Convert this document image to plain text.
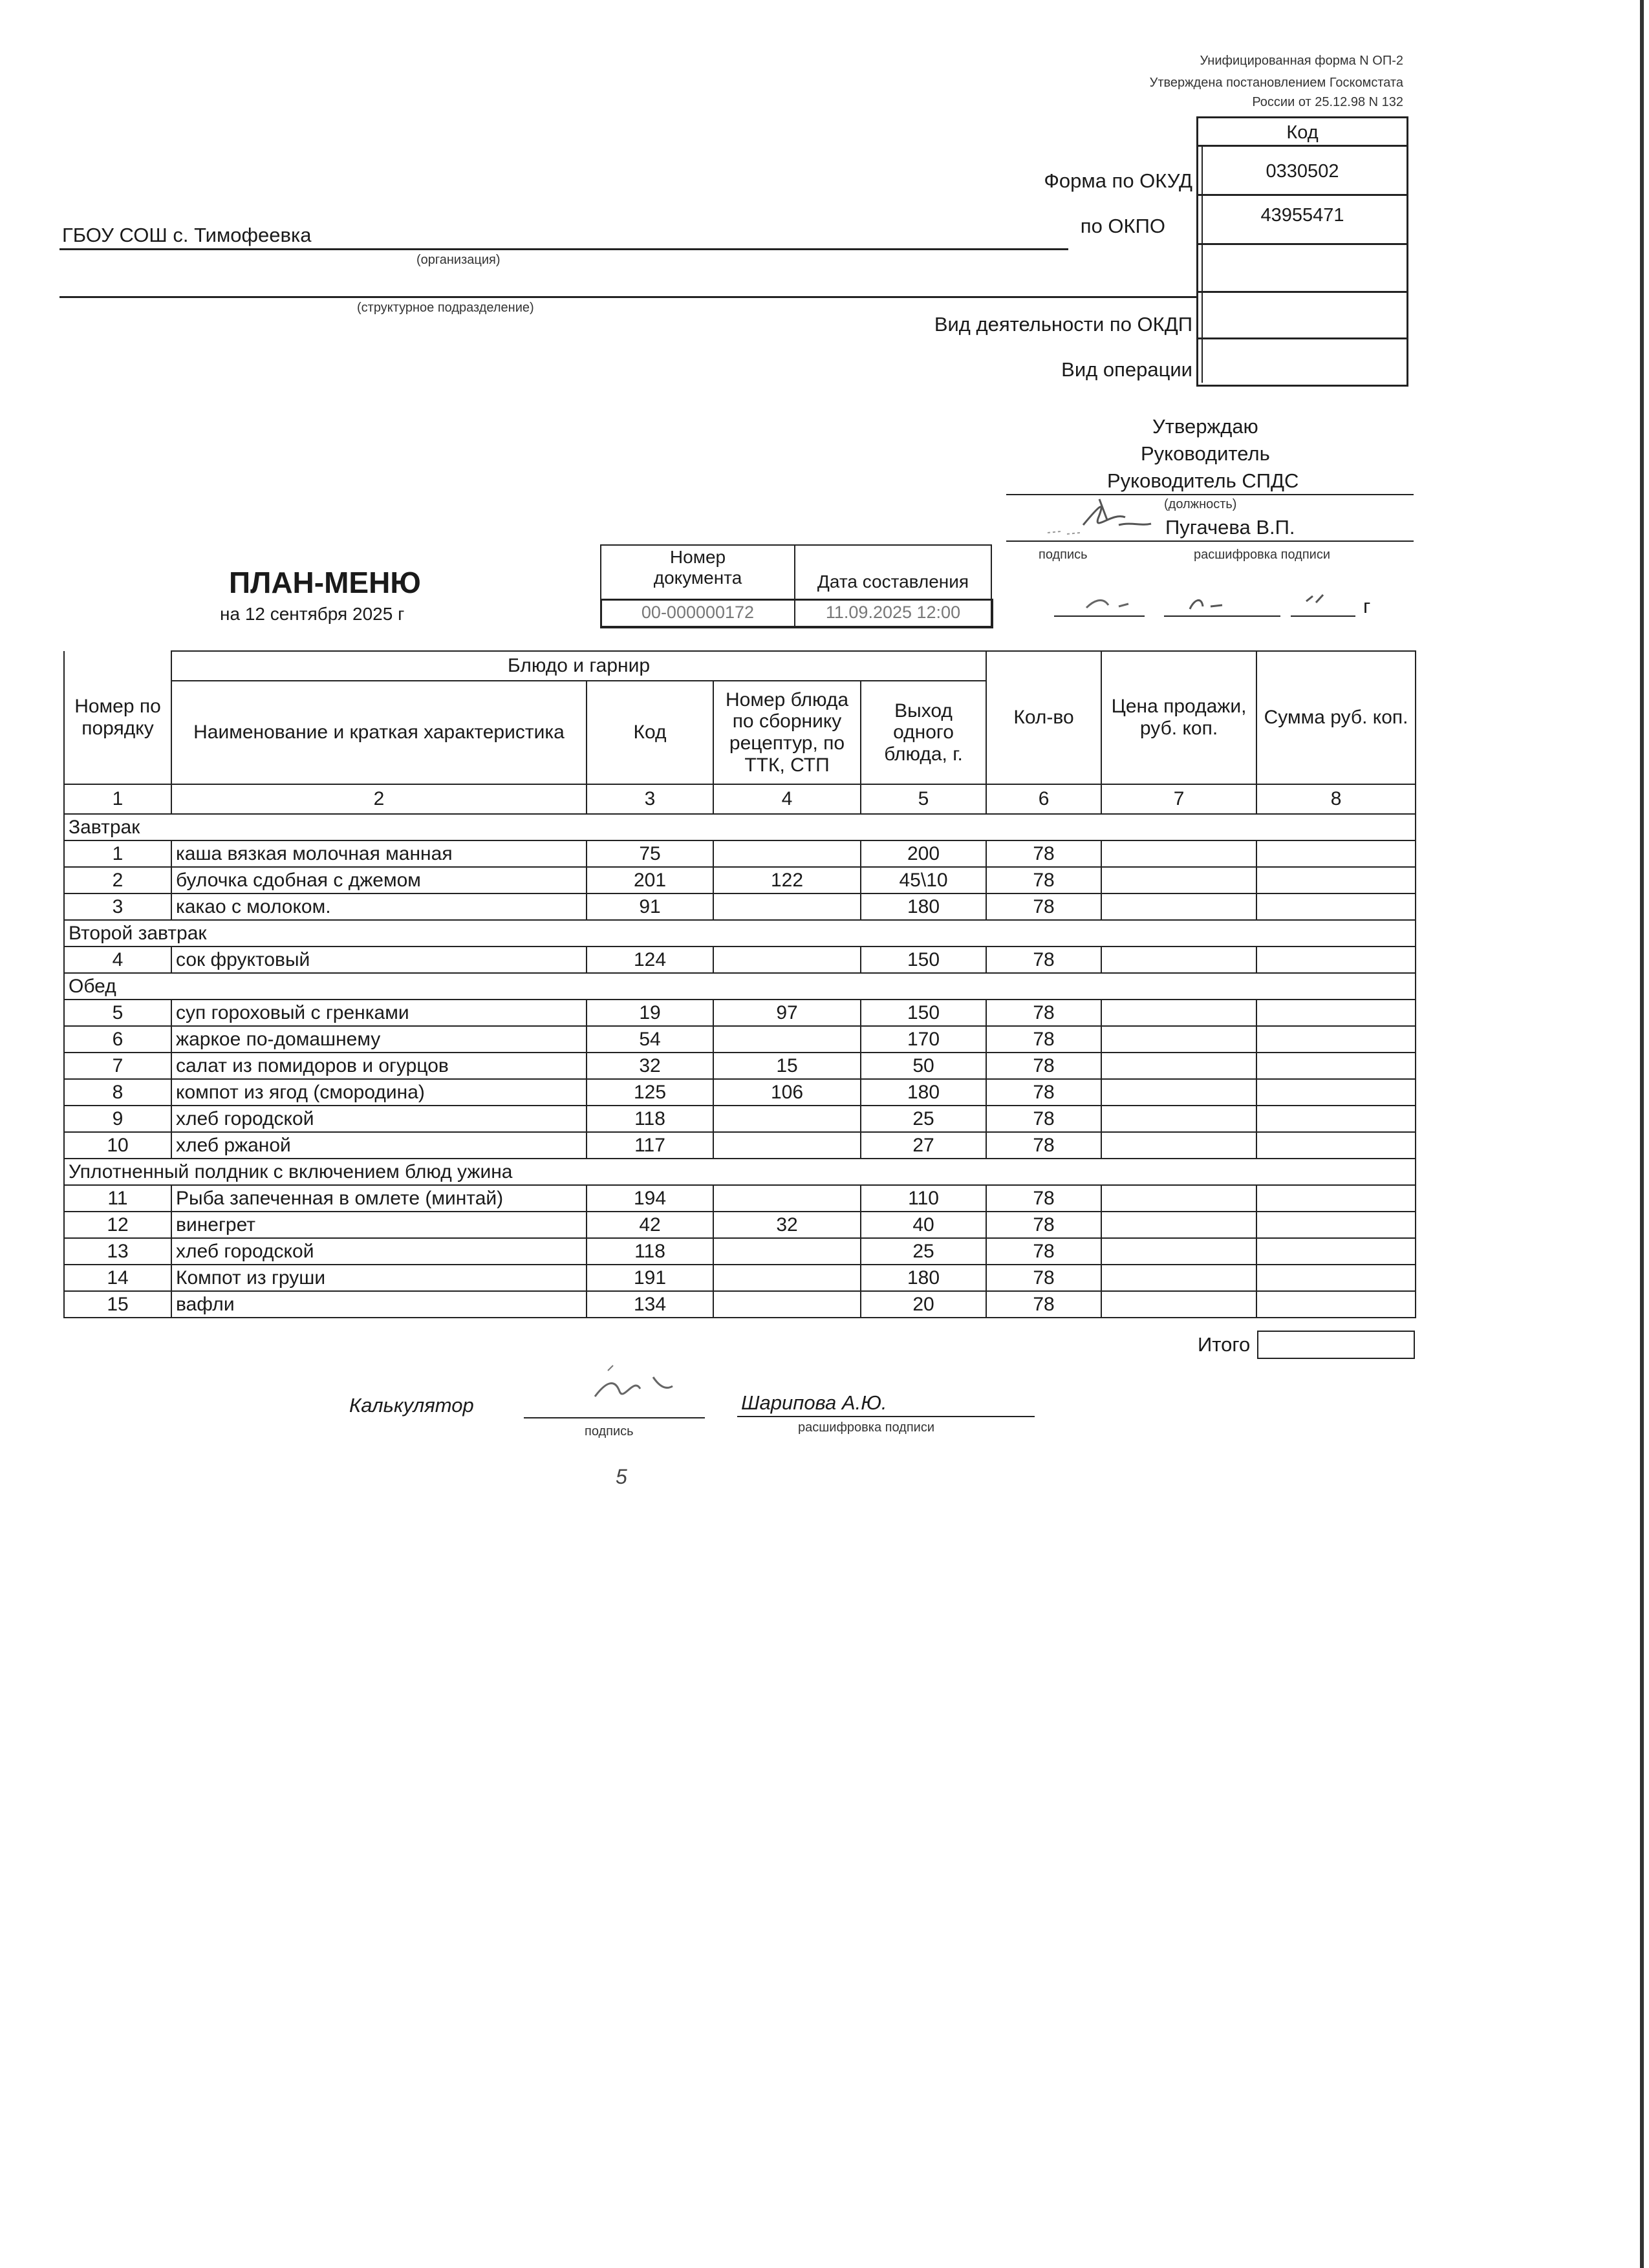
Унифицированная форма N ОП-2
Утверждена постановлением Госкомстата
России от 25.12.98 N 132
Код
0330502
43955471
Форма по ОКУД
по ОКПО
Вид деятельности по ОКДП
Вид операции
ГБОУ СОШ с. Тимофеевка
(организация)
(структурное подразделение)
Утверждаю
Руководитель
Руководитель СПДС
(должность)
Пугачева В.П.
подпись	расшифровка подписи
г
ПЛАН-МЕНЮ
на 12 сентября 2025 г
Номер документа	Дата составления
00-000000172	11.09.2025 12:00
Номер по порядку	Блюдо и гарнир				Кол-во	Цена продажи, руб. коп.	Сумма руб. коп.
	Наименование и краткая характеристика	Код	Номер блюда по сборнику рецептур, по ТТК, СТП	Выход одного блюда, г.			
1	2	3	4	5	6	7	8
Завтрак							
1	каша вязкая молочная манная	75		200	78		
2	булочка сдобная с джемом	201	122	45\10	78		
3	какао с молоком.	91		180	78		
Второй завтрак							
4	сок фруктовый	124		150	78		
Обед							
5	суп гороховый с гренками	19	97	150	78		
6	жаркое по-домашнему	54		170	78		
7	салат из помидоров и огурцов	32	15	50	78		
8	компот из ягод (смородина)	125	106	180	78		
9	хлеб городской	118		25	78		
10	хлеб ржаной	117		27	78		
Уплотненный полдник с включением блюд ужина							
11	Рыба запеченная в омлете (минтай)	194		110	78		
12	винегрет	42	32	40	78		
13	хлеб городской	118		25	78		
14	Компот из груши	191		180	78		
15	вафли	134		20	78		
Итого
Калькулятор	Шарипова А.Ю.
подпись	расшифровка подписи
5
